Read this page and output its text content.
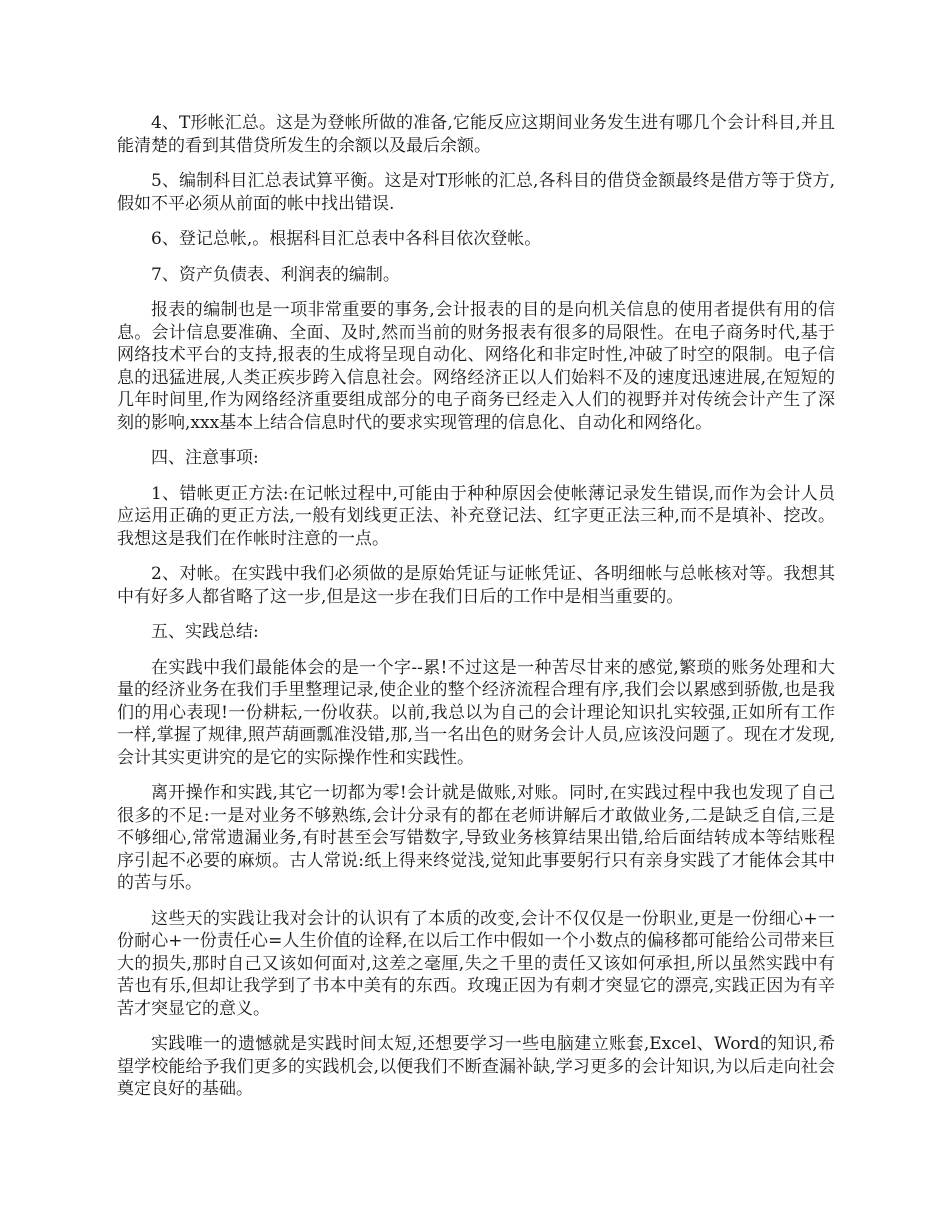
4、T形帐汇总。这是为登帐所做的准备,它能反应这期间业务发生进有哪几个会计科目,并且能清楚的看到其借贷所发生的余额以及最后余额。

5、编制科目汇总表试算平衡。这是对T形帐的汇总,各科目的借贷金额最终是借方等于贷方,假如不平必须从前面的帐中找出错误.

6、登记总帐,。根据科目汇总表中各科目依次登帐。

7、资产负债表、利润表的编制。

报表的编制也是一项非常重要的事务,会计报表的目的是向机关信息的使用者提供有用的信息。会计信息要准确、全面、及时,然而当前的财务报表有很多的局限性。在电子商务时代,基于网络技术平台的支持,报表的生成将呈现自动化、网络化和非定时性,冲破了时空的限制。电子信息的迅猛进展,人类正疾步跨入信息社会。网络经济正以人们始料不及的速度迅速进展,在短短的几年时间里,作为网络经济重要组成部分的电子商务已经走入人们的视野并对传统会计产生了深刻的影响,xxx基本上结合信息时代的要求实现管理的信息化、自动化和网络化。

四、注意事项:

1、错帐更正方法:在记帐过程中,可能由于种种原因会使帐薄记录发生错误,而作为会计人员应运用正确的更正方法,一般有划线更正法、补充登记法、红字更正法三种,而不是填补、挖改。我想这是我们在作帐时注意的一点。

2、对帐。在实践中我们必须做的是原始凭证与证帐凭证、各明细帐与总帐核对等。我想其中有好多人都省略了这一步,但是这一步在我们日后的工作中是相当重要的。

五、实践总结:

在实践中我们最能体会的是一个字--累!不过这是一种苦尽甘来的感觉,繁琐的账务处理和大量的经济业务在我们手里整理记录,使企业的整个经济流程合理有序,我们会以累感到骄傲,也是我们的用心表现!一份耕耘,一份收获。以前,我总以为自己的会计理论知识扎实较强,正如所有工作一样,掌握了规律,照芦葫画瓢准没错,那,当一名出色的财务会计人员,应该没问题了。现在才发现,会计其实更讲究的是它的实际操作性和实践性。

离开操作和实践,其它一切都为零!会计就是做账,对账。同时,在实践过程中我也发现了自己很多的不足:一是对业务不够熟练,会计分录有的都在老师讲解后才敢做业务,二是缺乏自信,三是不够细心,常常遗漏业务,有时甚至会写错数字,导致业务核算结果出错,给后面结转成本等结账程序引起不必要的麻烦。古人常说:纸上得来终觉浅,觉知此事要躬行只有亲身实践了才能体会其中的苦与乐。

这些天的实践让我对会计的认识有了本质的改变,会计不仅仅是一份职业,更是一份细心+一份耐心+一份责任心=人生价值的诠释,在以后工作中假如一个小数点的偏移都可能给公司带来巨大的损失,那时自己又该如何面对,这差之毫厘,失之千里的责任又该如何承担,所以虽然实践中有苦也有乐,但却让我学到了书本中美有的东西。玫瑰正因为有刺才突显它的漂亮,实践正因为有辛苦才突显它的意义。

实践唯一的遗憾就是实践时间太短,还想要学习一些电脑建立账套,Excel、Word的知识,希望学校能给予我们更多的实践机会,以便我们不断查漏补缺,学习更多的会计知识,为以后走向社会奠定良好的基础。
